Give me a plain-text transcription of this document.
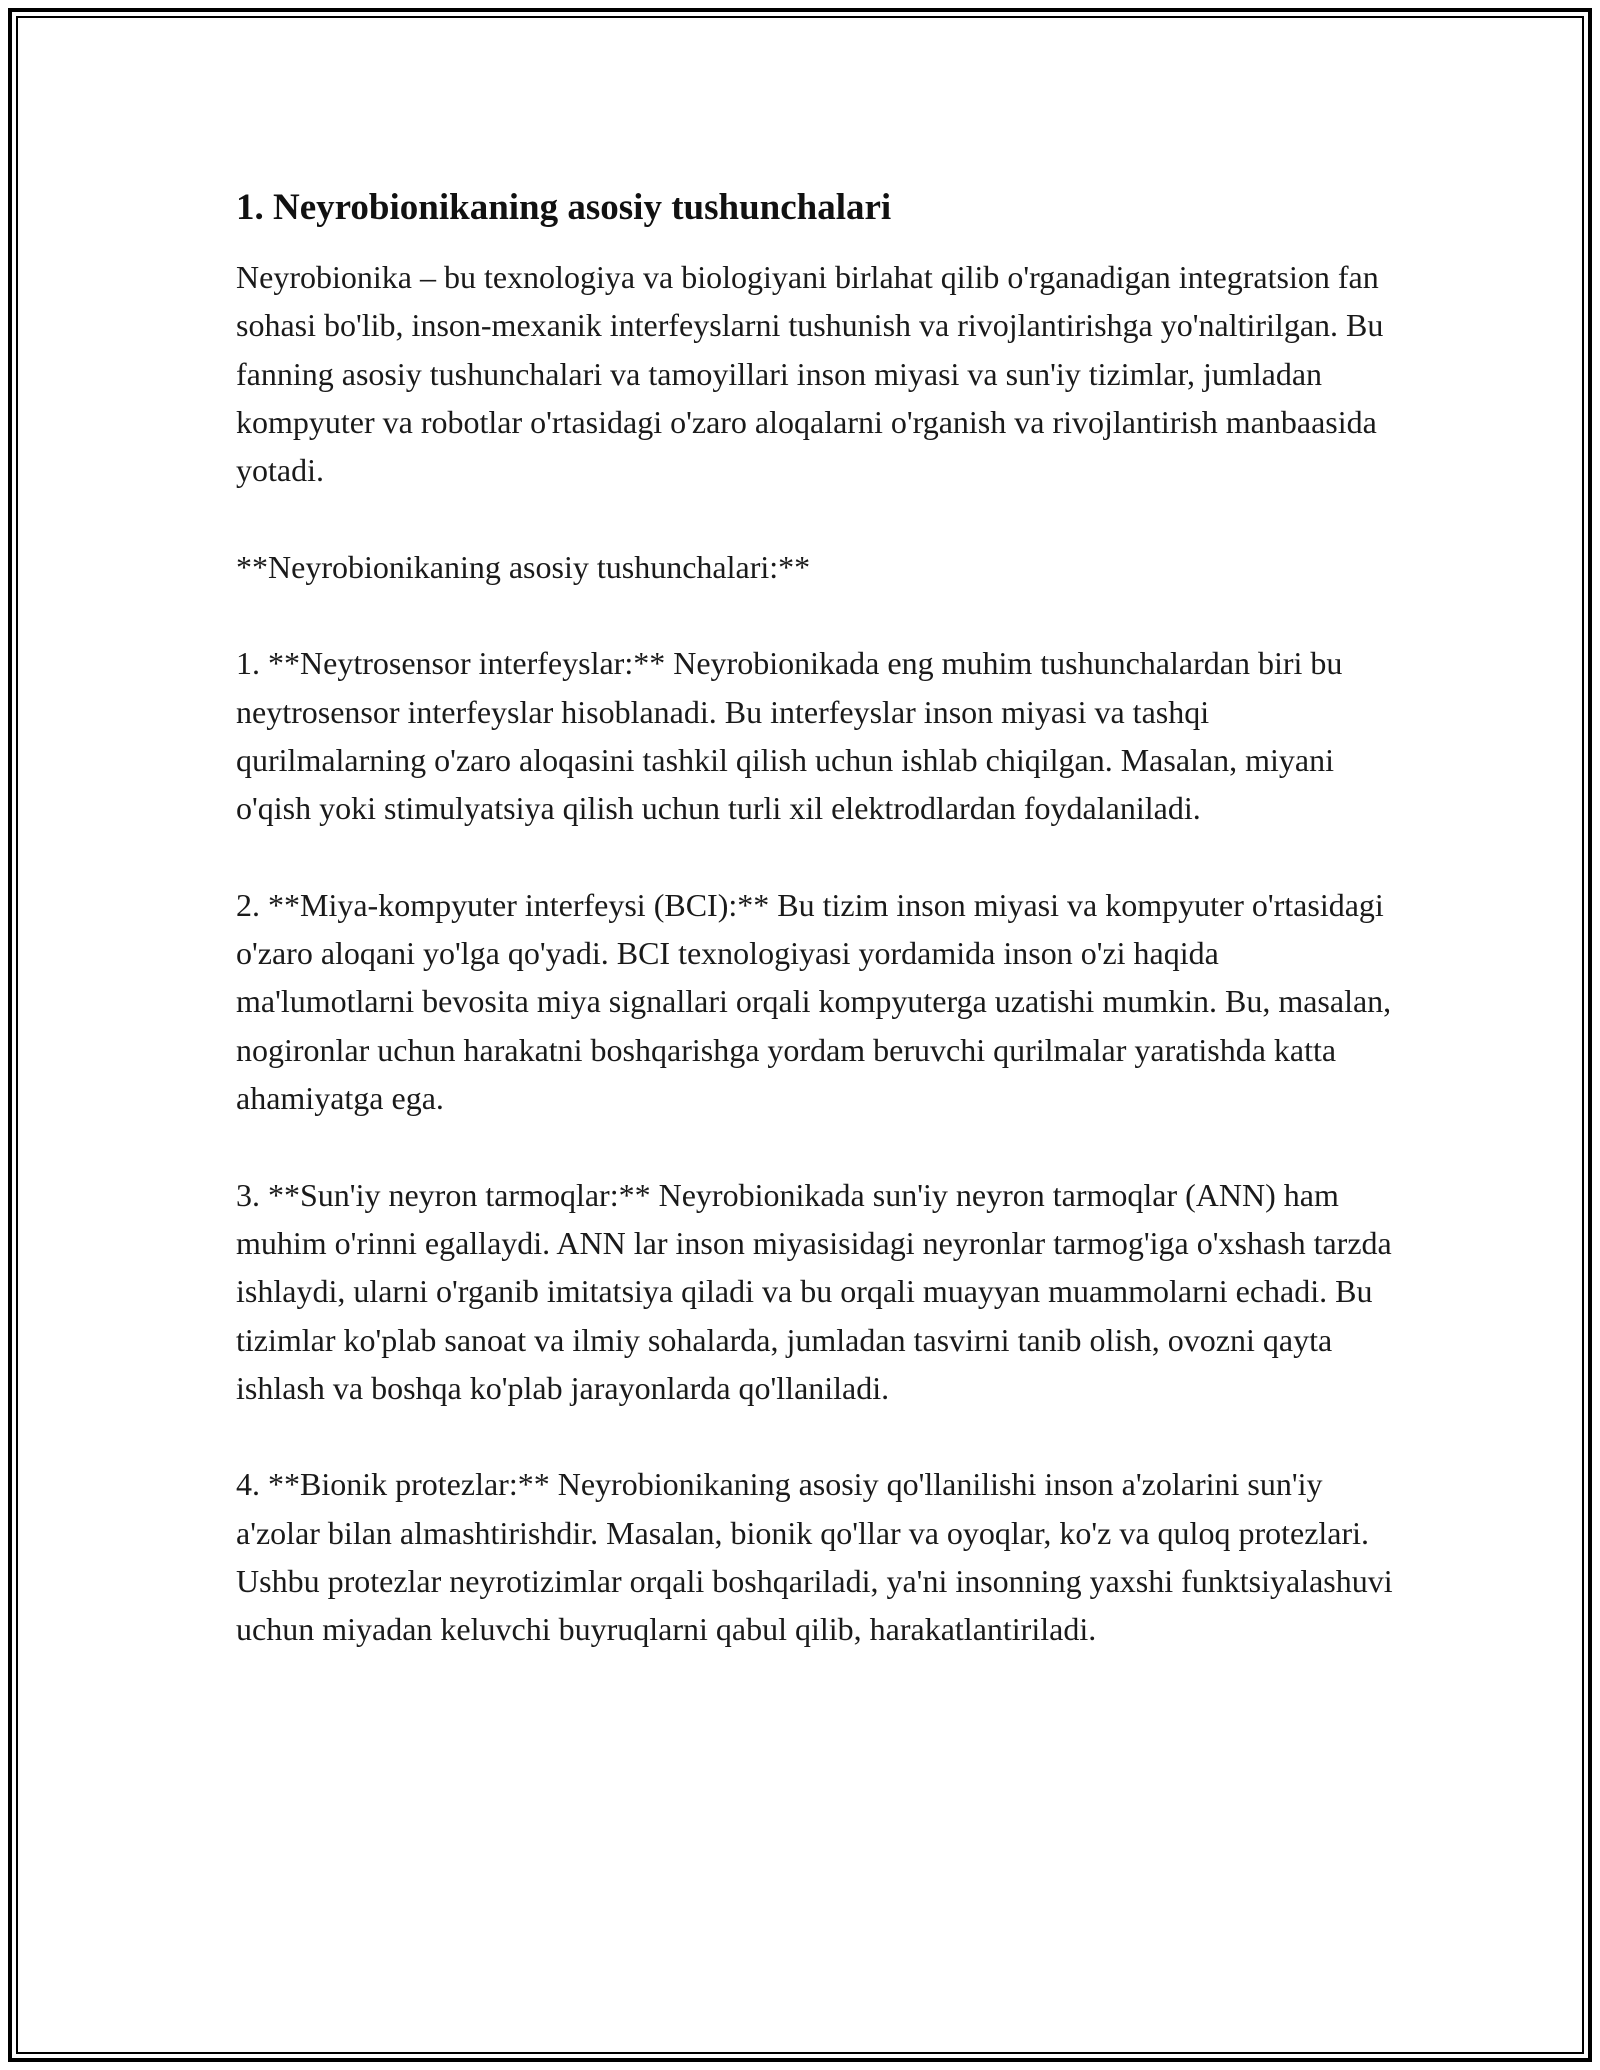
1. Neyrobionikaning asosiy tushunchalari

Neyrobionika – bu texnologiya va biologiyani birlahat qilib o'rganadigan integratsion fan sohasi bo'lib, inson-mexanik interfeyslarni tushunish va rivojlantirishga yo'naltirilgan. Bu fanning asosiy tushunchalari va tamoyillari inson miyasi va sun'iy tizimlar, jumladan kompyuter va robotlar o'rtasidagi o'zaro aloqalarni o'rganish va rivojlantirish manbaasida yotadi.

**Neyrobionikaning asosiy tushunchalari:**

1. **Neytrosensor interfeyslar:** Neyrobionikada eng muhim tushunchalardan biri bu neytrosensor interfeyslar hisoblanadi. Bu interfeyslar inson miyasi va tashqi qurilmalarning o'zaro aloqasini tashkil qilish uchun ishlab chiqilgan. Masalan, miyani o'qish yoki stimulyatsiya qilish uchun turli xil elektrodlardan foydalaniladi.

2. **Miya-kompyuter interfeysi (BCI):** Bu tizim inson miyasi va kompyuter o'rtasidagi o'zaro aloqani yo'lga qo'yadi. BCI texnologiyasi yordamida inson o'zi haqida ma'lumotlarni bevosita miya signallari orqali kompyuterga uzatishi mumkin. Bu, masalan, nogironlar uchun harakatni boshqarishga yordam beruvchi qurilmalar yaratishda katta ahamiyatga ega.

3. **Sun'iy neyron tarmoqlar:** Neyrobionikada sun'iy neyron tarmoqlar (ANN) ham muhim o'rinni egallaydi. ANN lar inson miyasisidagi neyronlar tarmog'iga o'xshash tarzda ishlaydi, ularni o'rganib imitatsiya qiladi va bu orqali muayyan muammolarni echadi. Bu tizimlar ko'plab sanoat va ilmiy sohalarda, jumladan tasvirni tanib olish, ovozni qayta ishlash va boshqa ko'plab jarayonlarda qo'llaniladi.

4. **Bionik protezlar:** Neyrobionikaning asosiy qo'llanilishi inson a'zolarini sun'iy a'zolar bilan almashtirishdir. Masalan, bionik qo'llar va oyoqlar, ko'z va quloq protezlari. Ushbu protezlar neyrotizimlar orqali boshqariladi, ya'ni insonning yaxshi funktsiyalashuvi uchun miyadan keluvchi buyruqlarni qabul qilib, harakatlantiriladi.
